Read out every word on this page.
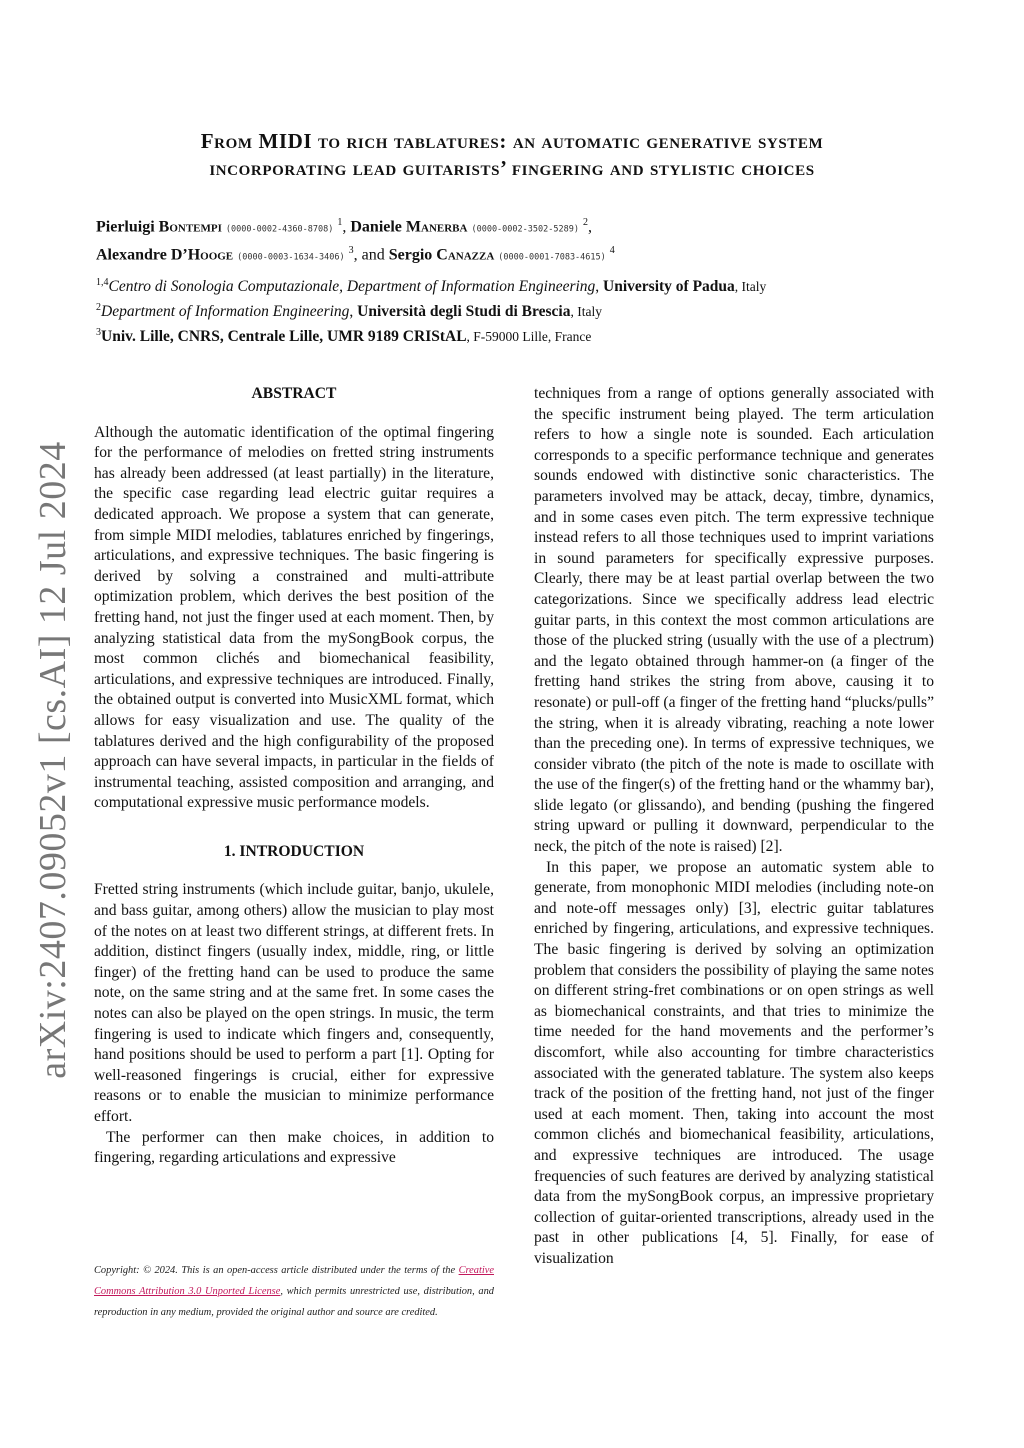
arXiv:2407.09052v1 [cs.AI] 12 Jul 2024
From MIDI to rich tablatures: an automatic generative system
incorporating lead guitarists’ fingering and stylistic choices
Pierluigi Bontempi (0000-0002-4360-8708) $^1$, Daniele Manerba (0000-0002-3502-5289) $^2$,
Alexandre D’Hooge (0000-0003-1634-3406) $^3$, and Sergio Canazza (0000-0001-7083-4615) $^4$
$^{1,4}$Centro di Sonologia Computazionale, Department of Information Engineering, University of Padua, Italy
$^2$Department of Information Engineering, Università degli Studi di Brescia, Italy
$^3$Univ. Lille, CNRS, Centrale Lille, UMR 9189 CRIStAL, F-59000 Lille, France
ABSTRACT

Although the automatic identification of the optimal fingering for the performance of melodies on fretted string instruments has already been addressed (at least partially) in the literature, the specific case regarding lead electric guitar requires a dedicated approach. We propose a system that can generate, from simple MIDI melodies, tablatures enriched by fingerings, articulations, and expressive techniques. The basic fingering is derived by solving a constrained and multi-attribute optimization problem, which derives the best position of the fretting hand, not just the finger used at each moment. Then, by analyzing statistical data from the mySongBook corpus, the most common clichés and biomechanical feasibility, articulations, and expressive techniques are introduced. Finally, the obtained output is converted into MusicXML format, which allows for easy visualization and use. The quality of the tablatures derived and the high configurability of the proposed approach can have several impacts, in particular in the fields of instrumental teaching, assisted composition and arranging, and computational expressive music performance models.

1. INTRODUCTION

Fretted string instruments (which include guitar, banjo, ukulele, and bass guitar, among others) allow the musician to play most of the notes on at least two different strings, at different frets. In addition, distinct fingers (usually index, middle, ring, or little finger) of the fretting hand can be used to produce the same note, on the same string and at the same fret. In some cases the notes can also be played on the open strings. In music, the term fingering is used to indicate which fingers and, consequently, hand positions should be used to perform a part [1]. Opting for well-reasoned fingerings is crucial, either for expressive reasons or to enable the musician to minimize performance effort.

The performer can then make choices, in addition to fingering, regarding articulations and expressive

techniques from a range of options generally associated with the specific instrument being played. The term articulation refers to how a single note is sounded. Each articulation corresponds to a specific performance technique and generates sounds endowed with distinctive sonic characteristics. The parameters involved may be attack, decay, timbre, dynamics, and in some cases even pitch. The term expressive technique instead refers to all those techniques used to imprint variations in sound parameters for specifically expressive purposes. Clearly, there may be at least partial overlap between the two categorizations. Since we specifically address lead electric guitar parts, in this context the most common articulations are those of the plucked string (usually with the use of a plectrum) and the legato obtained through hammer-on (a finger of the fretting hand strikes the string from above, causing it to resonate) or pull-off (a finger of the fretting hand “plucks/pulls” the string, when it is already vibrating, reaching a note lower than the preceding one). In terms of expressive techniques, we consider vibrato (the pitch of the note is made to oscillate with the use of the finger(s) of the fretting hand or the whammy bar), slide legato (or glissando), and bending (pushing the fingered string upward or pulling it downward, perpendicular to the neck, the pitch of the note is raised) [2].

In this paper, we propose an automatic system able to generate, from monophonic MIDI melodies (including note-on and note-off messages only) [3], electric guitar tablatures enriched by fingering, articulations, and expressive techniques. The basic fingering is derived by solving an optimization problem that considers the possibility of playing the same notes on different string-fret combinations or on open strings as well as biomechanical constraints, and that tries to minimize the time needed for the hand movements and the performer’s discomfort, while also accounting for timbre characteristics associated with the generated tablature. The system also keeps track of the position of the fretting hand, not just of the finger used at each moment. Then, taking into account the most common clichés and biomechanical feasibility, articulations, and expressive techniques are introduced. The usage frequencies of such features are derived by analyzing statistical data from the mySongBook corpus, an impressive proprietary collection of guitar-oriented transcriptions, already used in the past in other publications [4, 5]. Finally, for ease of visualization

Copyright: © 2024. This is an open-access article distributed under the terms of the Creative Commons Attribution 3.0 Unported License, which permits unrestricted use, distribution, and reproduction in any medium, provided the original author and source are credited.
